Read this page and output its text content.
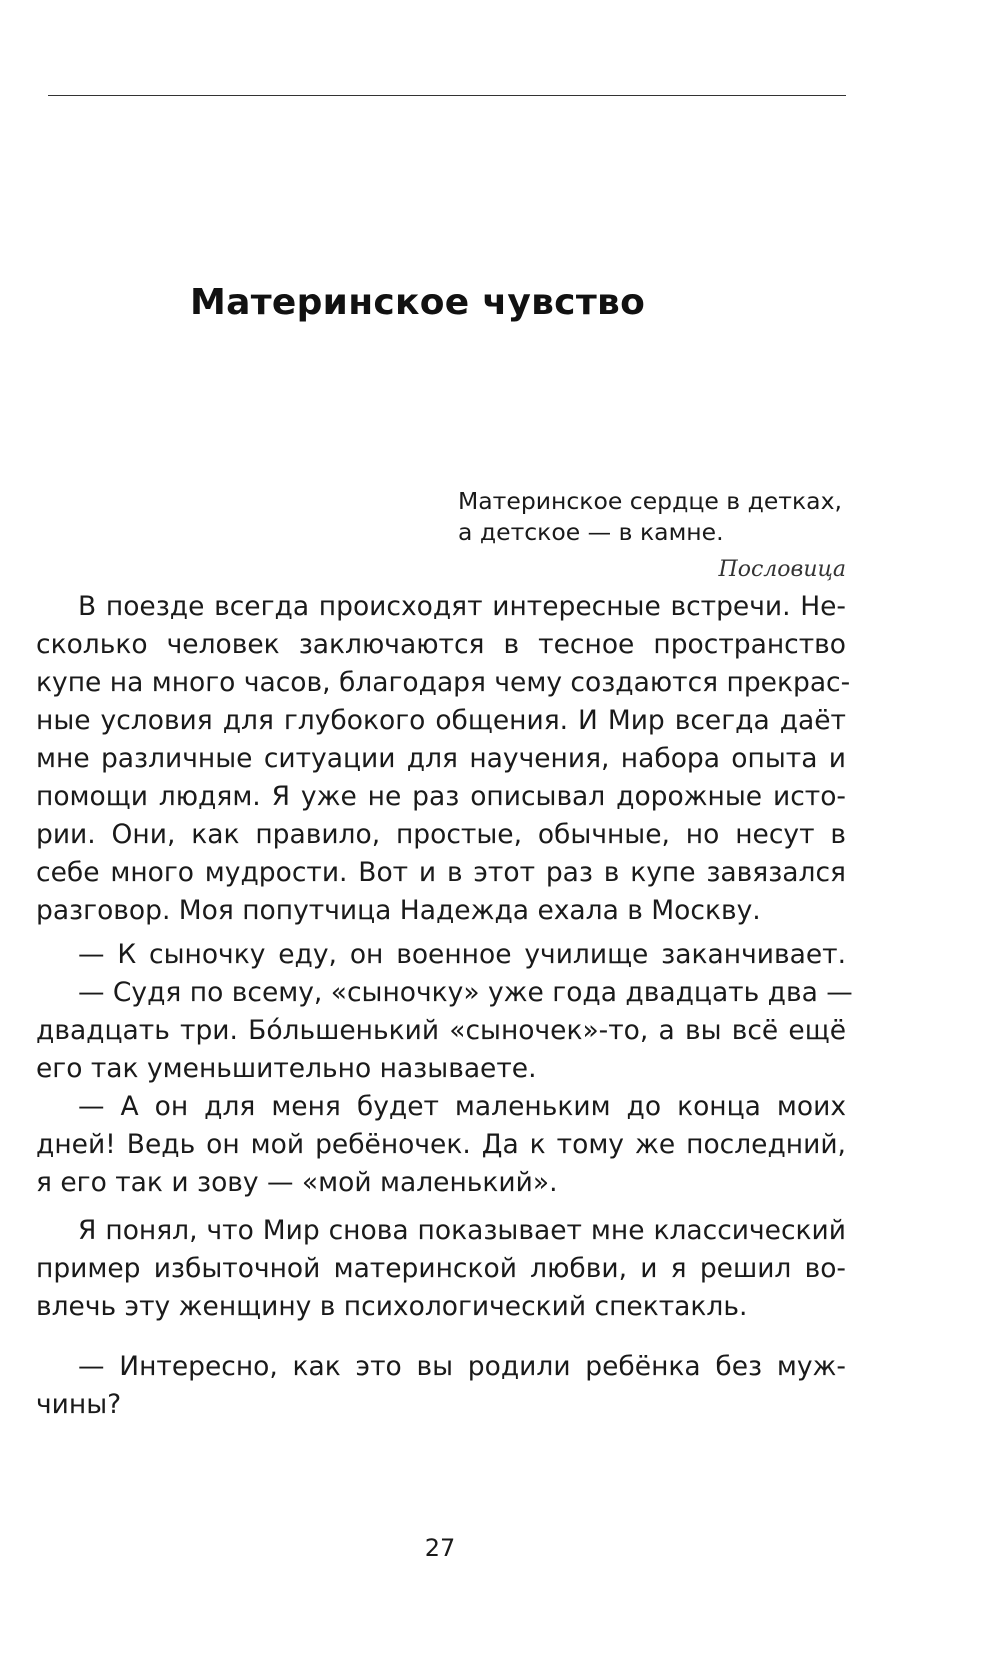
Материнское чувство
Материнское сердце в детках,
а детское — в камне.
Пословица
В поезде всегда происходят интересные встречи. Не-
сколько человек заключаются в тесное пространство
купе на много часов, благодаря чему создаются прекрас-
ные условия для глубокого общения. И Мир всегда даёт
мне различные ситуации для научения, набора опыта и
помощи людям. Я уже не раз описывал дорожные исто-
рии. Они, как правило, простые, обычные, но несут в
себе много мудрости. Вот и в этот раз в купе завязался
разговор. Моя попутчица Надежда ехала в Москву.
— К сыночку еду, он военное училище заканчивает.
— Судя по всему, «сыночку» уже года двадцать два —
двадцать три. Бо́льшенький «сыночек»-то, а вы всё ещё
его так уменьшительно называете.
— А он для меня будет маленьким до конца моих
дней! Ведь он мой ребёночек. Да к тому же последний,
я его так и зову — «мой маленький».
Я понял, что Мир снова показывает мне классический
пример избыточной материнской любви, и я решил во-
влечь эту женщину в психологический спектакль.
— Интересно, как это вы родили ребёнка без муж-
чины?
27
